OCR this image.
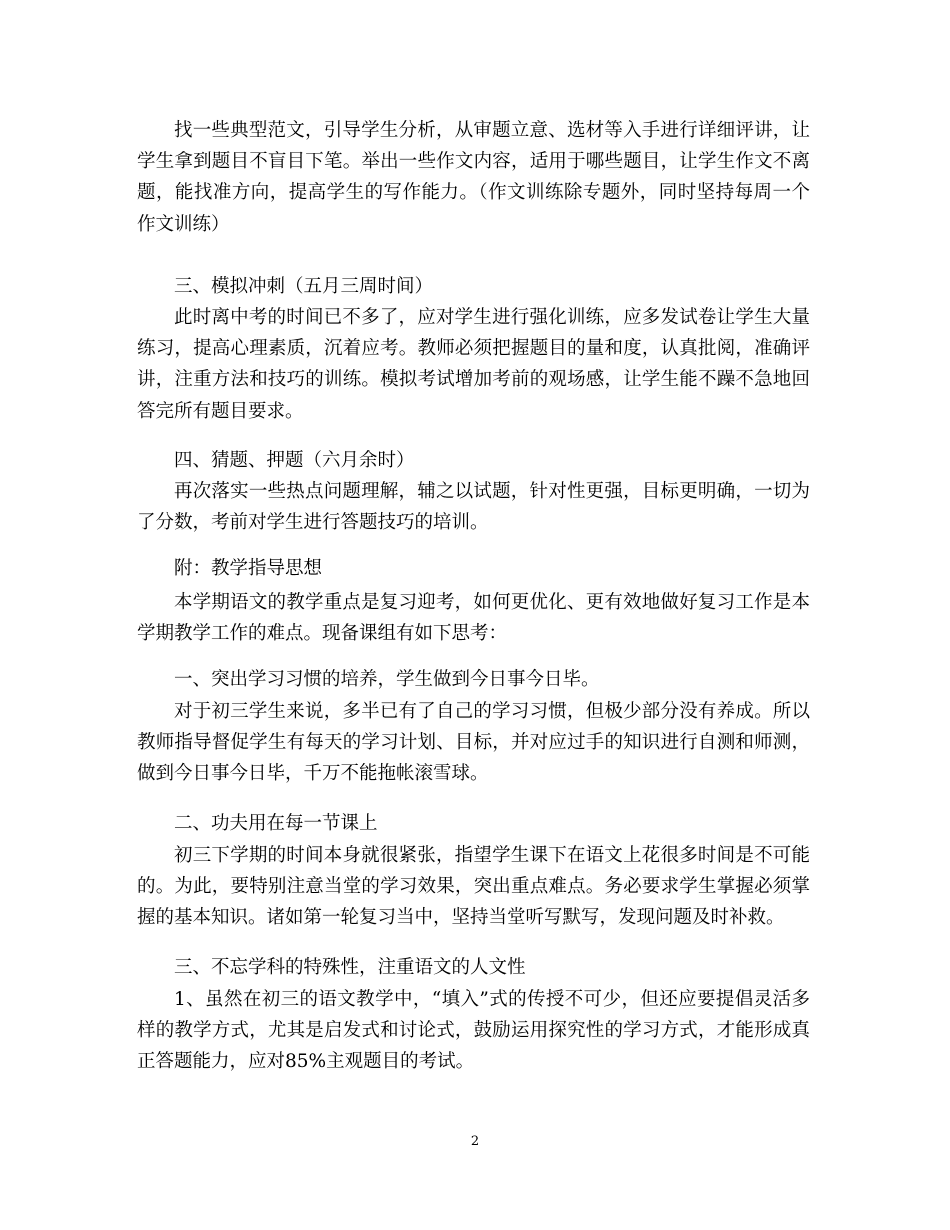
找一些典型范文，引导学生分析，从审题立意、选材等入手进行详细评讲，让学生拿到题目不盲目下笔。举出一些作文内容，适用于哪些题目，让学生作文不离题，能找准方向，提高学生的写作能力。（作文训练除专题外，同时坚持每周一个作文训练）

三、模拟冲刺（五月三周时间）

此时离中考的时间已不多了，应对学生进行强化训练，应多发试卷让学生大量练习，提高心理素质，沉着应考。教师必须把握题目的量和度，认真批阅，准确评讲，注重方法和技巧的训练。模拟考试增加考前的观场感，让学生能不躁不急地回答完所有题目要求。

四、猜题、押题（六月余时）

再次落实一些热点问题理解，辅之以试题，针对性更强，目标更明确，一切为了分数，考前对学生进行答题技巧的培训。

附：教学指导思想

本学期语文的教学重点是复习迎考，如何更优化、更有效地做好复习工作是本学期教学工作的难点。现备课组有如下思考：

一、突出学习习惯的培养，学生做到今日事今日毕。

对于初三学生来说，多半已有了自己的学习习惯，但极少部分没有养成。所以教师指导督促学生有每天的学习计划、目标，并对应过手的知识进行自测和师测，做到今日事今日毕，千万不能拖帐滚雪球。

二、功夫用在每一节课上

初三下学期的时间本身就很紧张，指望学生课下在语文上花很多时间是不可能的。为此，要特别注意当堂的学习效果，突出重点难点。务必要求学生掌握必须掌握的基本知识。诸如第一轮复习当中，坚持当堂听写默写，发现问题及时补救。

三、不忘学科的特殊性，注重语文的人文性

1、虽然在初三的语文教学中，“填入”式的传授不可少，但还应要提倡灵活多样的教学方式，尤其是启发式和讨论式，鼓励运用探究性的学习方式，才能形成真正答题能力，应对85%主观题目的考试。

2
